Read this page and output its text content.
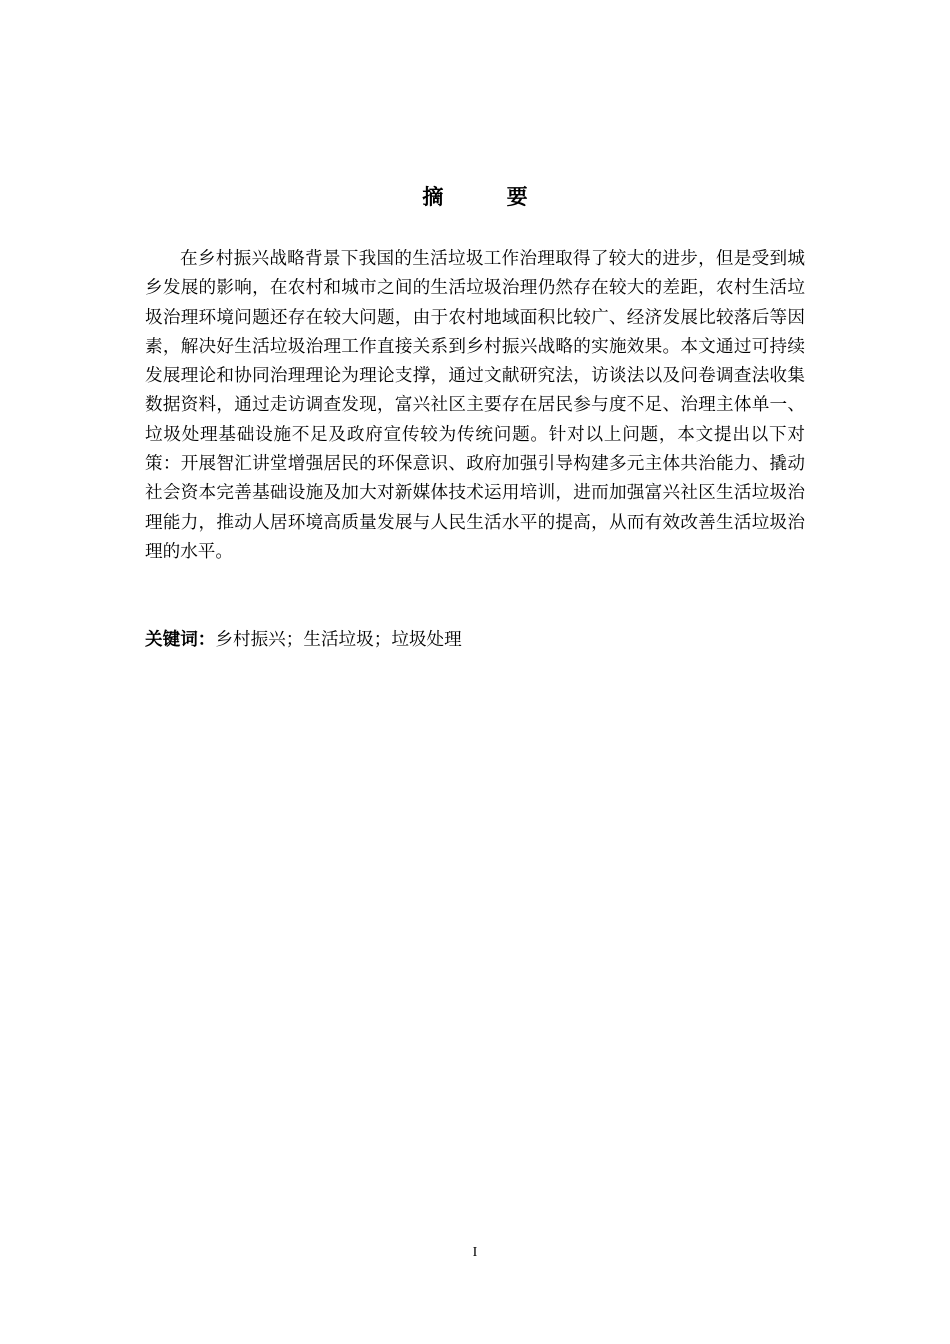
摘 要

在乡村振兴战略背景下我国的生活垃圾工作治理取得了较大的进步，但是受到城乡发展的影响，在农村和城市之间的生活垃圾治理仍然存在较大的差距，农村生活垃圾治理环境问题还存在较大问题，由于农村地域面积比较广、经济发展比较落后等因素，解决好生活垃圾治理工作直接关系到乡村振兴战略的实施效果。本文通过可持续发展理论和协同治理理论为理论支撑，通过文献研究法，访谈法以及问卷调查法收集数据资料，通过走访调查发现，富兴社区主要存在居民参与度不足、治理主体单一、垃圾处理基础设施不足及政府宣传较为传统问题。针对以上问题，本文提出以下对策：开展智汇讲堂增强居民的环保意识、政府加强引导构建多元主体共治能力、撬动社会资本完善基础设施及加大对新媒体技术运用培训，进而加强富兴社区生活垃圾治理能力，推动人居环境高质量发展与人民生活水平的提高，从而有效改善生活垃圾治理的水平。

关键词：乡村振兴；生活垃圾；垃圾处理
I
